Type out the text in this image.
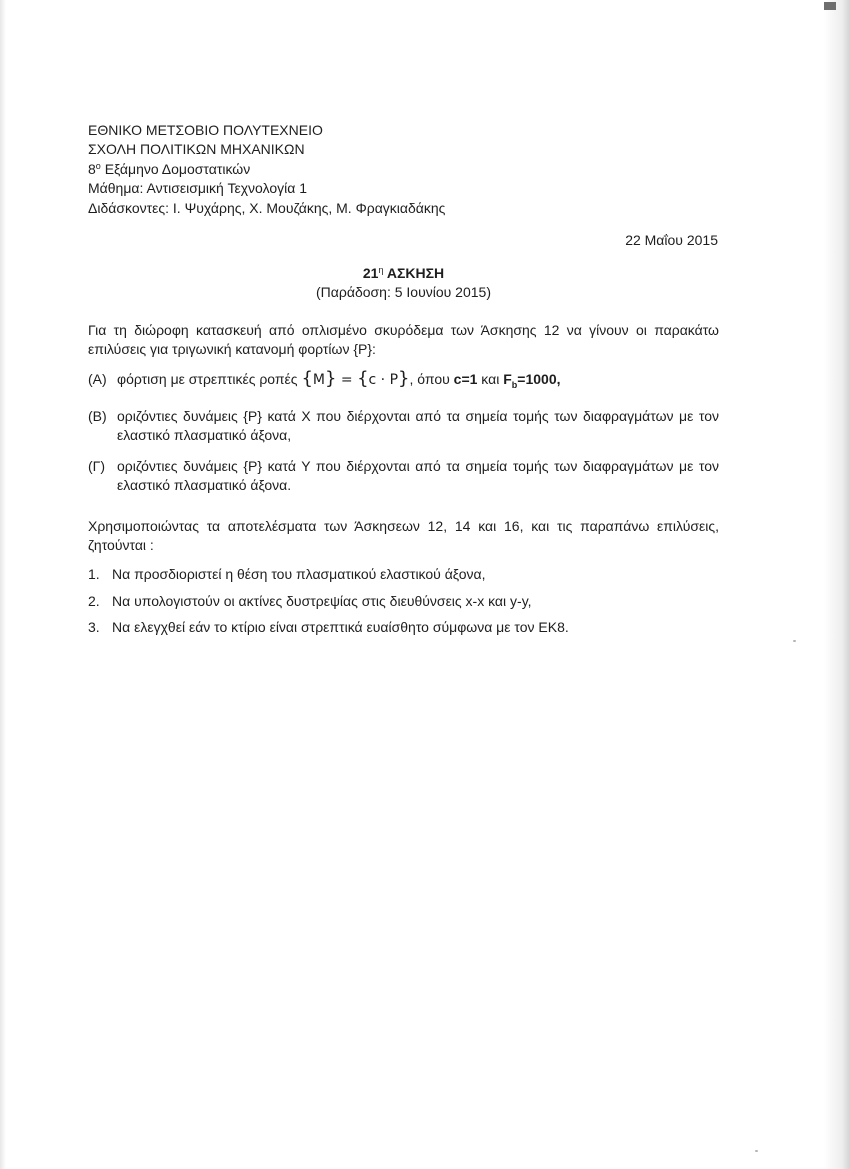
ΕΘΝΙΚΟ ΜΕΤΣΟΒΙΟ ΠΟΛΥΤΕΧΝΕΙΟ
ΣΧΟΛΗ ΠΟΛΙΤΙΚΩΝ ΜΗΧΑΝΙΚΩΝ
$8^o$ Εξάμηνο Δομοστατικών
Μάθημα: Αντισεισμική Τεχνολογία 1
Διδάσκοντες: Ι. Ψυχάρης, Χ. Μουζάκης, Μ. Φραγκιαδάκης
22 Μαΐου 2015
$21^\eta$ ΑΣΚΗΣΗ
(Παράδοση: 5 Ιουνίου 2015)
Για τη διώροφη κατασκευή από οπλισμένο σκυρόδεμα των Άσκησης 12 να γίνουν οι παρακάτω επιλύσεις για τριγωνική κατανομή φορτίων {P}:
(Α) φόρτιση με στρεπτικές ροπές {M} = {c · P}, όπου c=1 και $F_b=1000$,
(Β) οριζόντιες δυνάμεις {P} κατά Χ που διέρχονται από τα σημεία τομής των διαφραγμάτων με τον ελαστικό πλασματικό άξονα,
(Γ) οριζόντιες δυνάμεις {P} κατά Υ που διέρχονται από τα σημεία τομής των διαφραγμάτων με τον ελαστικό πλασματικό άξονα.
Χρησιμοποιώντας τα αποτελέσματα των Άσκησεων 12, 14 και 16, και τις παραπάνω επιλύσεις, ζητούνται :
1. Να προσδιοριστεί η θέση του πλασματικού ελαστικού άξονα,
2. Να υπολογιστούν οι ακτίνες δυστρεψίας στις διευθύνσεις x-x και y-y,
3. Να ελεγχθεί εάν το κτίριο είναι στρεπτικά ευαίσθητο σύμφωνα με τον ΕΚ8.
